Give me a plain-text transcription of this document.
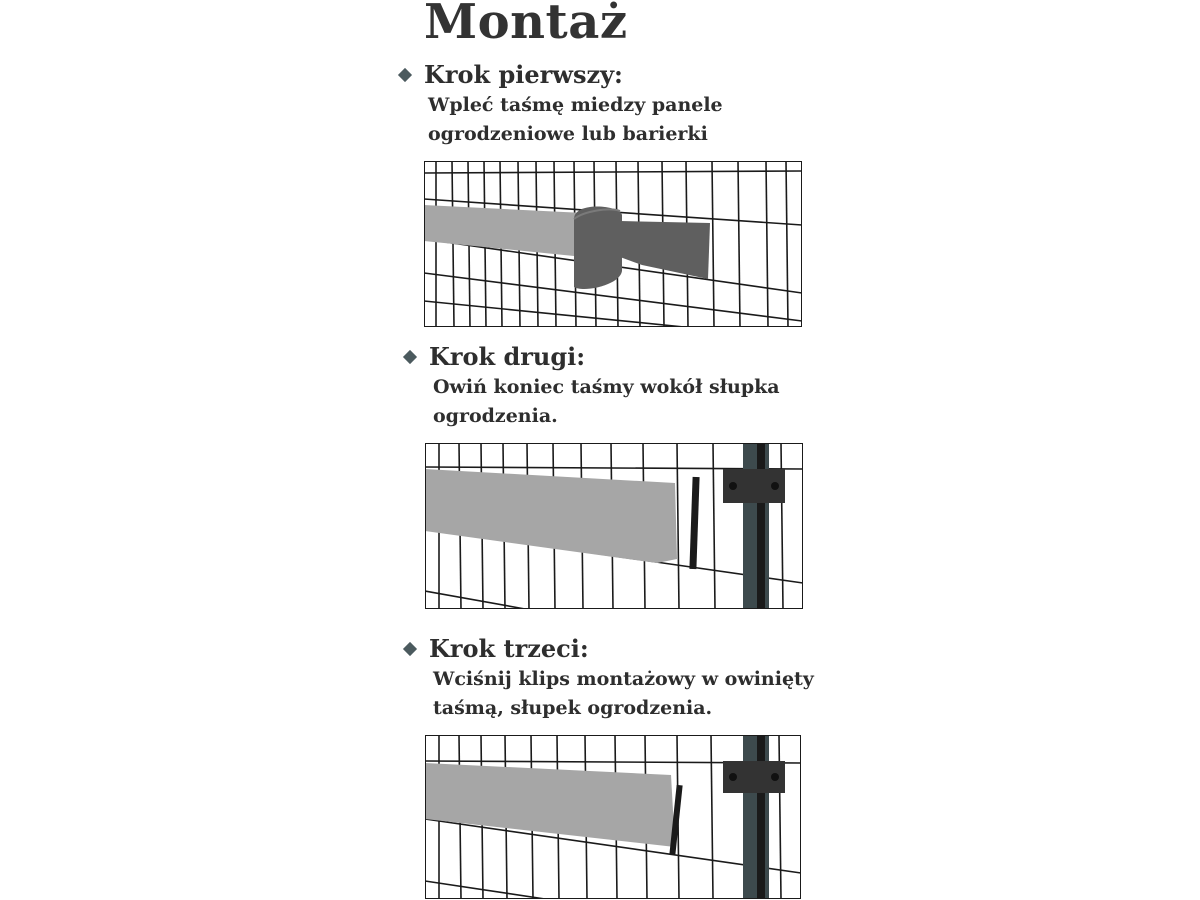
Montaż
Krok pierwszy:
Wpleć taśmę miedzy panele
ogrodzeniowe lub barierki
Krok drugi:
Owiń koniec taśmy wokół słupka
ogrodzenia.
Krok trzeci:
Wciśnij klips montażowy w owinięty
taśmą, słupek ogrodzenia.
